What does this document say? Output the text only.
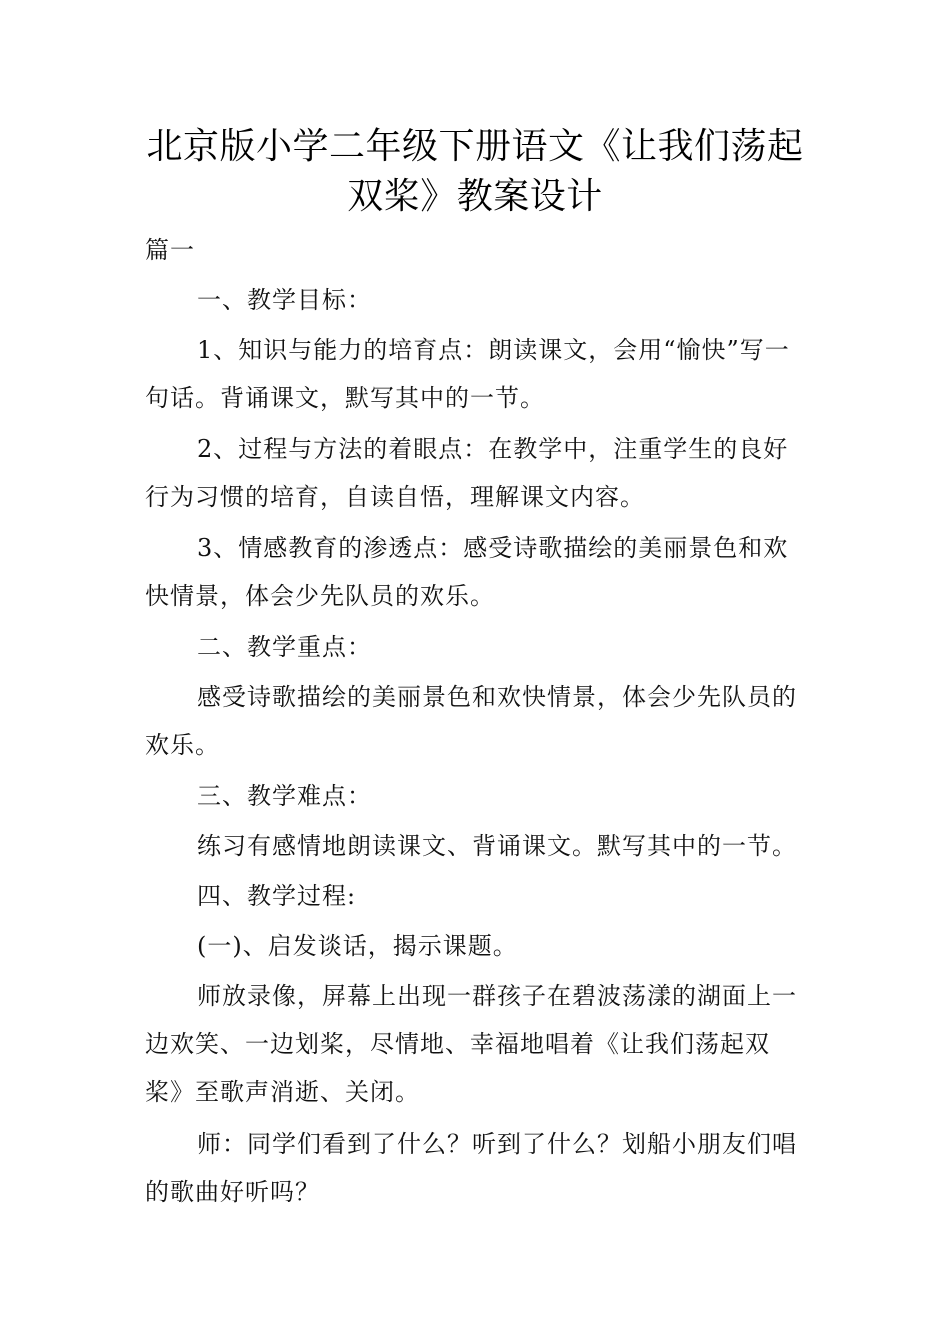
北京版小学二年级下册语文《让我们荡起双桨》教案设计

篇一

一、教学目标：

1、知识与能力的培育点：朗读课文，会用“愉快”写一句话。背诵课文，默写其中的一节。

2、过程与方法的着眼点：在教学中，注重学生的良好行为习惯的培育，自读自悟，理解课文内容。

3、情感教育的渗透点：感受诗歌描绘的美丽景色和欢快情景，体会少先队员的欢乐。

二、教学重点：

感受诗歌描绘的美丽景色和欢快情景，体会少先队员的欢乐。

三、教学难点：

练习有感情地朗读课文、背诵课文。默写其中的一节。

四、教学过程:

(一)、启发谈话，揭示课题。

师放录像，屏幕上出现一群孩子在碧波荡漾的湖面上一边欢笑、一边划桨，尽情地、幸福地唱着《让我们荡起双桨》至歌声消逝、关闭。

师：同学们看到了什么？听到了什么？划船小朋友们唱的歌曲好听吗？
